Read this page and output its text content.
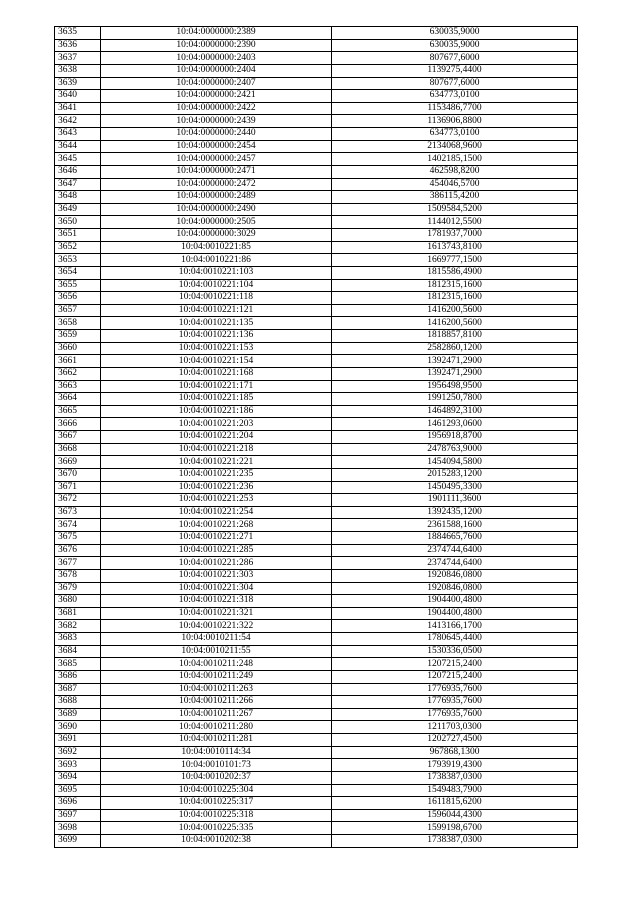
3635	10:04:0000000:2389	630035,9000
3636	10:04:0000000:2390	630035,9000
3637	10:04:0000000:2403	807677,6000
3638	10:04:0000000:2404	1139275,4400
3639	10:04:0000000:2407	807677,6000
3640	10:04:0000000:2421	634773,0100
3641	10:04:0000000:2422	1153486,7700
3642	10:04:0000000:2439	1136906,8800
3643	10:04:0000000:2440	634773,0100
3644	10:04:0000000:2454	2134068,9600
3645	10:04:0000000:2457	1402185,1500
3646	10:04:0000000:2471	462598,8200
3647	10:04:0000000:2472	454046,5700
3648	10:04:0000000:2489	386115,4200
3649	10:04:0000000:2490	1509584,5200
3650	10:04:0000000:2505	1144012,5500
3651	10:04:0000000:3029	1781937,7000
3652	10:04:0010221:85	1613743,8100
3653	10:04:0010221:86	1669777,1500
3654	10:04:0010221:103	1815586,4900
3655	10:04:0010221:104	1812315,1600
3656	10:04:0010221:118	1812315,1600
3657	10:04:0010221:121	1416200,5600
3658	10:04:0010221:135	1416200,5600
3659	10:04:0010221:136	1818857,8100
3660	10:04:0010221:153	2582860,1200
3661	10:04:0010221:154	1392471,2900
3662	10:04:0010221:168	1392471,2900
3663	10:04:0010221:171	1956498,9500
3664	10:04:0010221:185	1991250,7800
3665	10:04:0010221:186	1464892,3100
3666	10:04:0010221:203	1461293,0600
3667	10:04:0010221:204	1956918,8700
3668	10:04:0010221:218	2478763,9000
3669	10:04:0010221:221	1454094,5800
3670	10:04:0010221:235	2015283,1200
3671	10:04:0010221:236	1450495,3300
3672	10:04:0010221:253	1901111,3600
3673	10:04:0010221:254	1392435,1200
3674	10:04:0010221:268	2361588,1600
3675	10:04:0010221:271	1884665,7600
3676	10:04:0010221:285	2374744,6400
3677	10:04:0010221:286	2374744,6400
3678	10:04:0010221:303	1920846,0800
3679	10:04:0010221:304	1920846,0800
3680	10:04:0010221:318	1904400,4800
3681	10:04:0010221:321	1904400,4800
3682	10:04:0010221:322	1413166,1700
3683	10:04:0010211:54	1780645,4400
3684	10:04:0010211:55	1530336,0500
3685	10:04:0010211:248	1207215,2400
3686	10:04:0010211:249	1207215,2400
3687	10:04:0010211:263	1776935,7600
3688	10:04:0010211:266	1776935,7600
3689	10:04:0010211:267	1776935,7600
3690	10:04:0010211:280	1211703,0300
3691	10:04:0010211:281	1202727,4500
3692	10:04:0010114:34	967868,1300
3693	10:04:0010101:73	1793919,4300
3694	10:04:0010202:37	1738387,0300
3695	10:04:0010225:304	1549483,7900
3696	10:04:0010225:317	1611815,6200
3697	10:04:0010225:318	1596044,4300
3698	10:04:0010225:335	1599198,6700
3699	10:04:0010202:38	1738387,0300
